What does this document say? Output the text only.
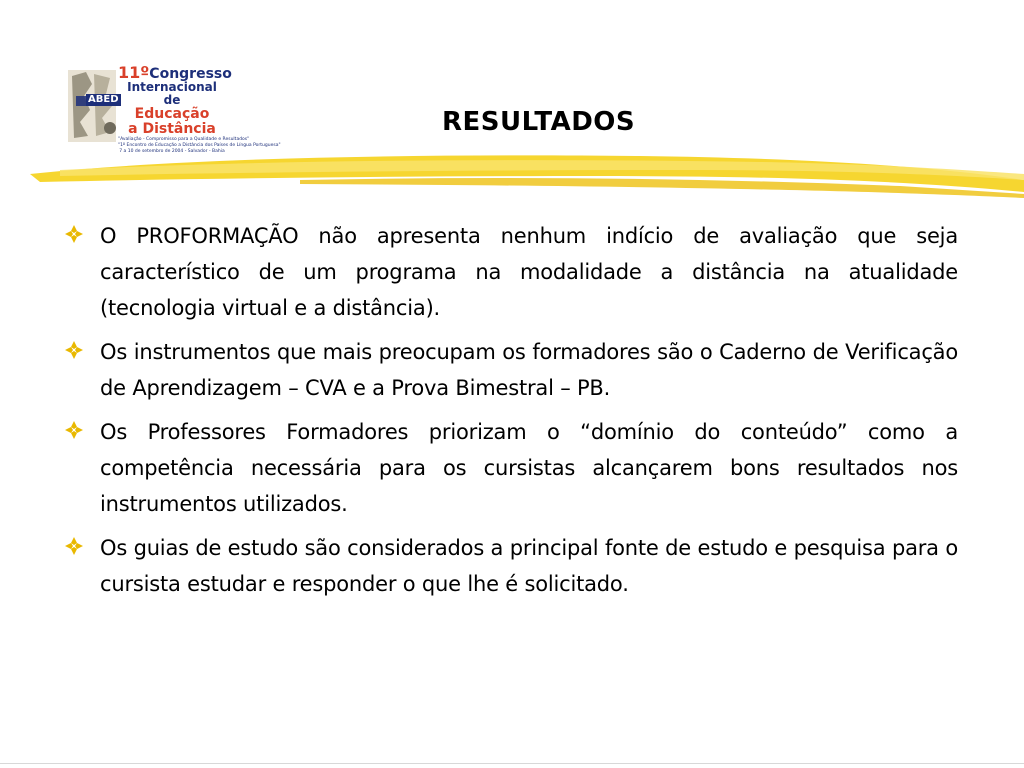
ABED
11ºCongresso
Internacional de
Educação
a Distância
"Avaliação - Compromisso para a Qualidade e Resultados"
"1º Encontro de Educação a Distância dos Países de Língua Portuguesa"
7 a 10 de setembro de 2004 - Salvador - Bahia
RESULTADOS
O PROFORMAÇÃO não apresenta nenhum indício de avaliação que seja característico de um programa na modalidade a distância na atualidade (tecnologia virtual e a distância).
Os instrumentos que mais preocupam os formadores são o Caderno de Verificação de Aprendizagem – CVA e a Prova Bimestral – PB.
Os Professores Formadores priorizam o “domínio do conteúdo” como a competência necessária para os cursistas alcançarem bons resultados nos instrumentos utilizados.
Os guias de estudo são considerados a principal fonte de estudo e pesquisa para o cursista estudar e responder o que lhe é solicitado.
